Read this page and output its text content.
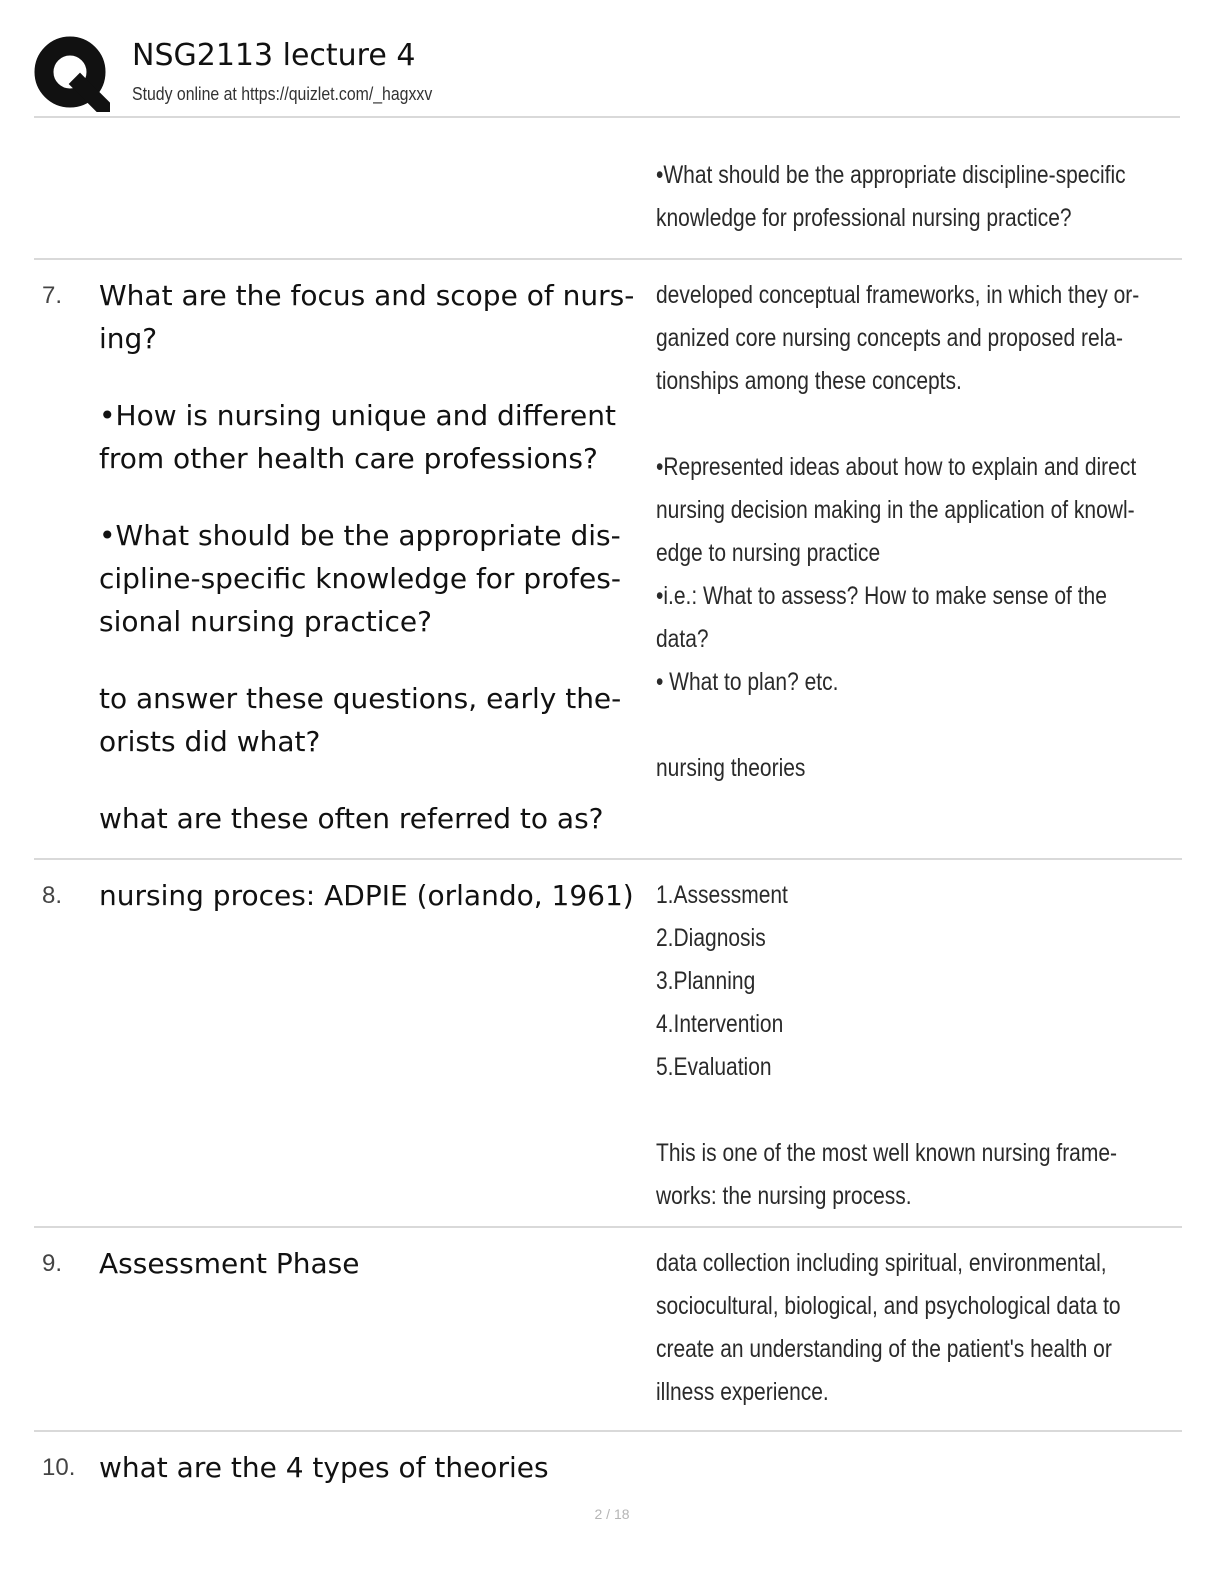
NSG2113 lecture 4
Study online at https://quizlet.com/_hagxxv
•What should be the appropriate discipline-specific
knowledge for professional nursing practice?
7. What are the focus and scope of nurs-ing?

•How is nursing unique and different from other health care professions?

•What should be the appropriate dis-cipline-specific knowledge for profes-sional nursing practice?

to answer these questions, early the-orists did what?

what are these often referred to as?

developed conceptual frameworks, in which they or-
ganized core nursing concepts and proposed rela-
tionships among these concepts.

•Represented ideas about how to explain and direct
nursing decision making in the application of knowl-
edge to nursing practice
•i.e.: What to assess? How to make sense of the
data?
• What to plan? etc.

nursing theories
8. nursing proces: ADPIE (orlando, 1961) 1.Assessment
2.Diagnosis
3.Planning
4.Intervention
5.Evaluation

This is one of the most well known nursing frame-
works: the nursing process.
9. Assessment Phase	data collection including spiritual, environmental,
sociocultural, biological, and psychological data to
create an understanding of the patient's health or
illness experience.
10. what are the 4 types of theories

2 / 18
